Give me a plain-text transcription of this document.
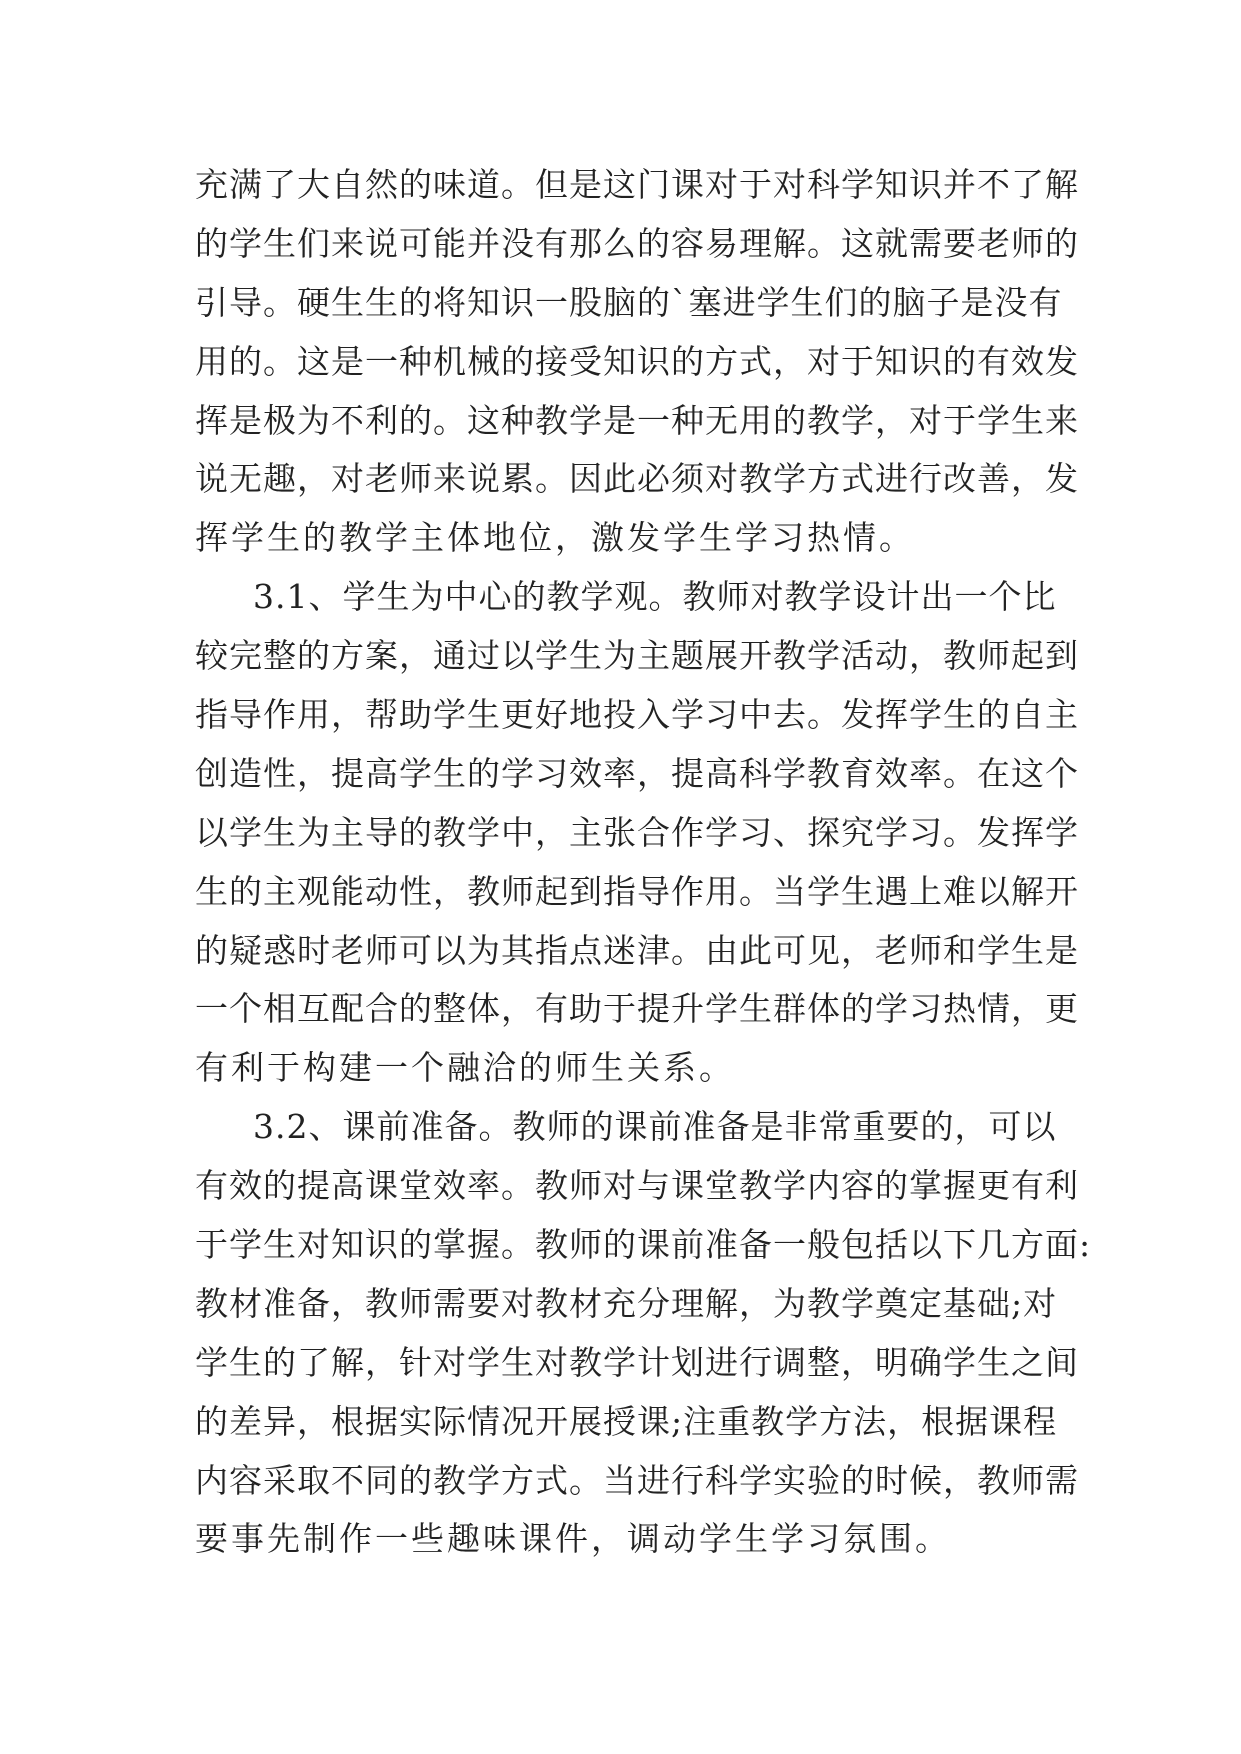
充满了大自然的味道。但是这门课对于对科学知识并不了解
的学生们来说可能并没有那么的容易理解。这就需要老师的
引导。硬生生的将知识一股脑的`塞进学生们的脑子是没有
用的。这是一种机械的接受知识的方式，对于知识的有效发
挥是极为不利的。这种教学是一种无用的教学，对于学生来
说无趣，对老师来说累。因此必须对教学方式进行改善，发
挥学生的教学主体地位，激发学生学习热情。
3.1、学生为中心的教学观。教师对教学设计出一个比
较完整的方案，通过以学生为主题展开教学活动，教师起到
指导作用，帮助学生更好地投入学习中去。发挥学生的自主
创造性，提高学生的学习效率，提高科学教育效率。在这个
以学生为主导的教学中，主张合作学习、探究学习。发挥学
生的主观能动性，教师起到指导作用。当学生遇上难以解开
的疑惑时老师可以为其指点迷津。由此可见，老师和学生是
一个相互配合的整体，有助于提升学生群体的学习热情，更
有利于构建一个融洽的师生关系。
3.2、课前准备。教师的课前准备是非常重要的，可以
有效的提高课堂效率。教师对与课堂教学内容的掌握更有利
于学生对知识的掌握。教师的课前准备一般包括以下几方面:
教材准备，教师需要对教材充分理解，为教学奠定基础;对
学生的了解，针对学生对教学计划进行调整，明确学生之间
的差异，根据实际情况开展授课;注重教学方法，根据课程
内容采取不同的教学方式。当进行科学实验的时候，教师需
要事先制作一些趣味课件，调动学生学习氛围。
